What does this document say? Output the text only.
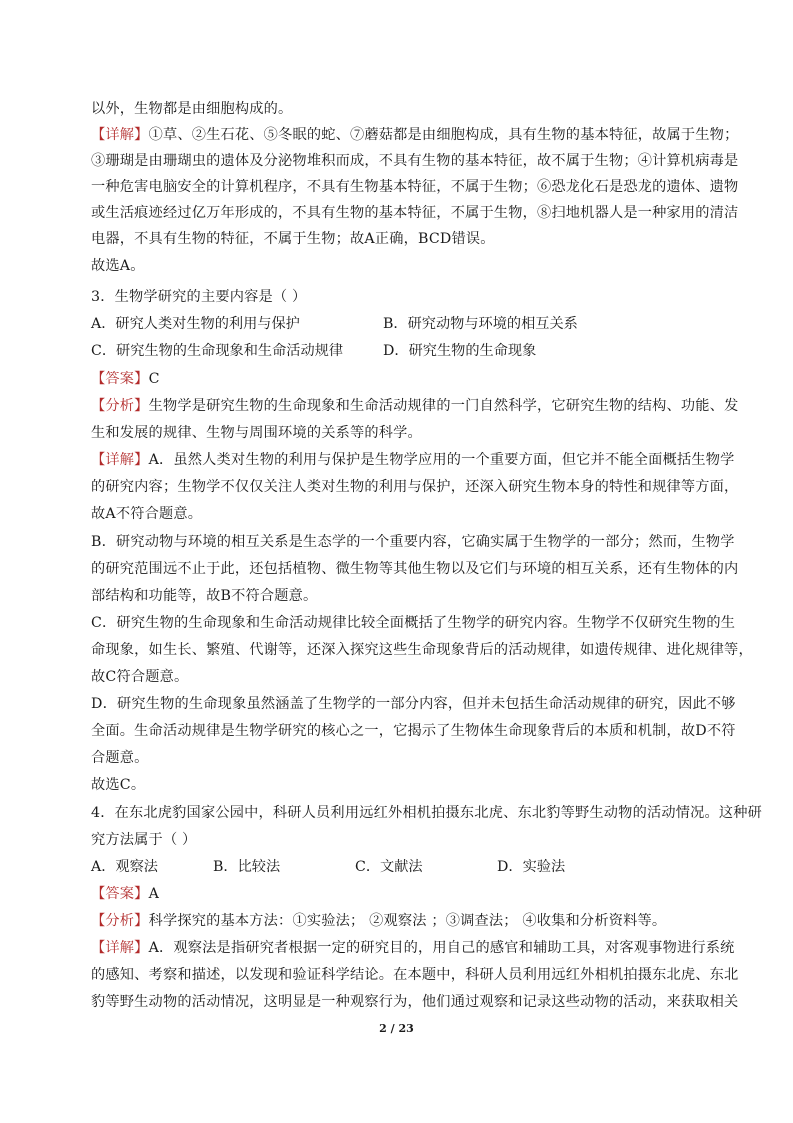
以外，生物都是由细胞构成的。
【详解】①草、②生石花、⑤冬眠的蛇、⑦蘑菇都是由细胞构成，具有生物的基本特征，故属于生物；
③珊瑚是由珊瑚虫的遗体及分泌物堆积而成，不具有生物的基本特征，故不属于生物；④计算机病毒是
一种危害电脑安全的计算机程序，不具有生物基本特征，不属于生物；⑥恐龙化石是恐龙的遗体、遗物
或生活痕迹经过亿万年形成的，不具有生物的基本特征，不属于生物，⑧扫地机器人是一种家用的清洁
电器，不具有生物的特征，不属于生物；故A正确，BCD错误。
故选A。
3．生物学研究的主要内容是（ ）
A．研究人类对生物的利用与保护	B．研究动物与环境的相互关系
C．研究生物的生命现象和生命活动规律	D．研究生物的生命现象
【答案】C
【分析】生物学是研究生物的生命现象和生命活动规律的一门自然科学，它研究生物的结构、功能、发
生和发展的规律、生物与周围环境的关系等的科学。
【详解】A．虽然人类对生物的利用与保护是生物学应用的一个重要方面，但它并不能全面概括生物学
的研究内容；生物学不仅仅关注人类对生物的利用与保护，还深入研究生物本身的特性和规律等方面，
故A不符合题意。
B．研究动物与环境的相互关系是生态学的一个重要内容，它确实属于生物学的一部分；然而，生物学
的研究范围远不止于此，还包括植物、微生物等其他生物以及它们与环境的相互关系，还有生物体的内
部结构和功能等，故B不符合题意。
C．研究生物的生命现象和生命活动规律比较全面概括了生物学的研究内容。生物学不仅研究生物的生
命现象，如生长、繁殖、代谢等，还深入探究这些生命现象背后的活动规律，如遗传规律、进化规律等，
故C符合题意。
D．研究生物的生命现象虽然涵盖了生物学的一部分内容，但并未包括生命活动规律的研究，因此不够
全面。生命活动规律是生物学研究的核心之一，它揭示了生物体生命现象背后的本质和机制，故D不符
合题意。
故选C。
4．在东北虎豹国家公园中，科研人员利用远红外相机拍摄东北虎、东北豹等野生动物的活动情况。这种研
究方法属于（ ）
A．观察法	B．比较法	C．文献法	D．实验法
【答案】A
【分析】科学探究的基本方法：①实验法； ②观察法 ；③调查法； ④收集和分析资料等。
【详解】A．观察法是指研究者根据一定的研究目的，用自己的感官和辅助工具，对客观事物进行系统
的感知、考察和描述，以发现和验证科学结论。在本题中，科研人员利用远红外相机拍摄东北虎、东北
豹等野生动物的活动情况，这明显是一种观察行为，他们通过观察和记录这些动物的活动，来获取相关
2 / 23
